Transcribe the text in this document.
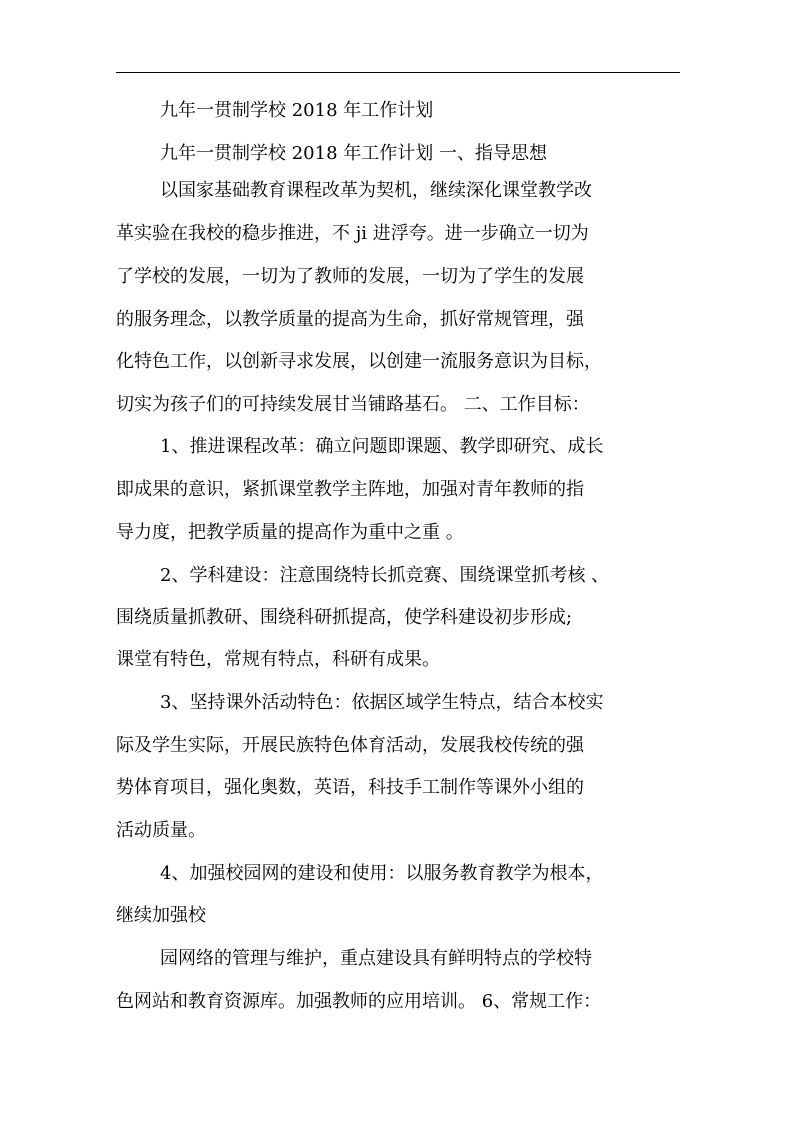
九年一贯制学校 2018 年工作计划
九年一贯制学校 2018 年工作计划 一、指导思想
以国家基础教育课程改革为契机，继续深化课堂教学改
革实验在我校的稳步推进，不 ji 进浮夸。进一步确立一切为
了学校的发展，一切为了教师的发展，一切为了学生的发展
的服务理念，以教学质量的提高为生命，抓好常规管理，强
化特色工作，以创新寻求发展，以创建一流服务意识为目标，
切实为孩子们的可持续发展甘当铺路基石。 二、工作目标：
1、推进课程改革：确立问题即课题、教学即研究、成长
即成果的意识，紧抓课堂教学主阵地，加强对青年教师的指
导力度，把教学质量的提高作为重中之重 。
2、学科建设：注意围绕特长抓竞赛、围绕课堂抓考核 、
围绕质量抓教研、围绕科研抓提高，使学科建设初步形成;
课堂有特色，常规有特点，科研有成果。
3、坚持课外活动特色：依据区域学生特点，结合本校实
际及学生实际，开展民族特色体育活动，发展我校传统的强
势体育项目，强化奥数，英语，科技手工制作等课外小组的
活动质量。
4、加强校园网的建设和使用：以服务教育教学为根本，
继续加强校
园网络的管理与维护，重点建设具有鲜明特点的学校特
色网站和教育资源库。加强教师的应用培训。 6、常规工作：
